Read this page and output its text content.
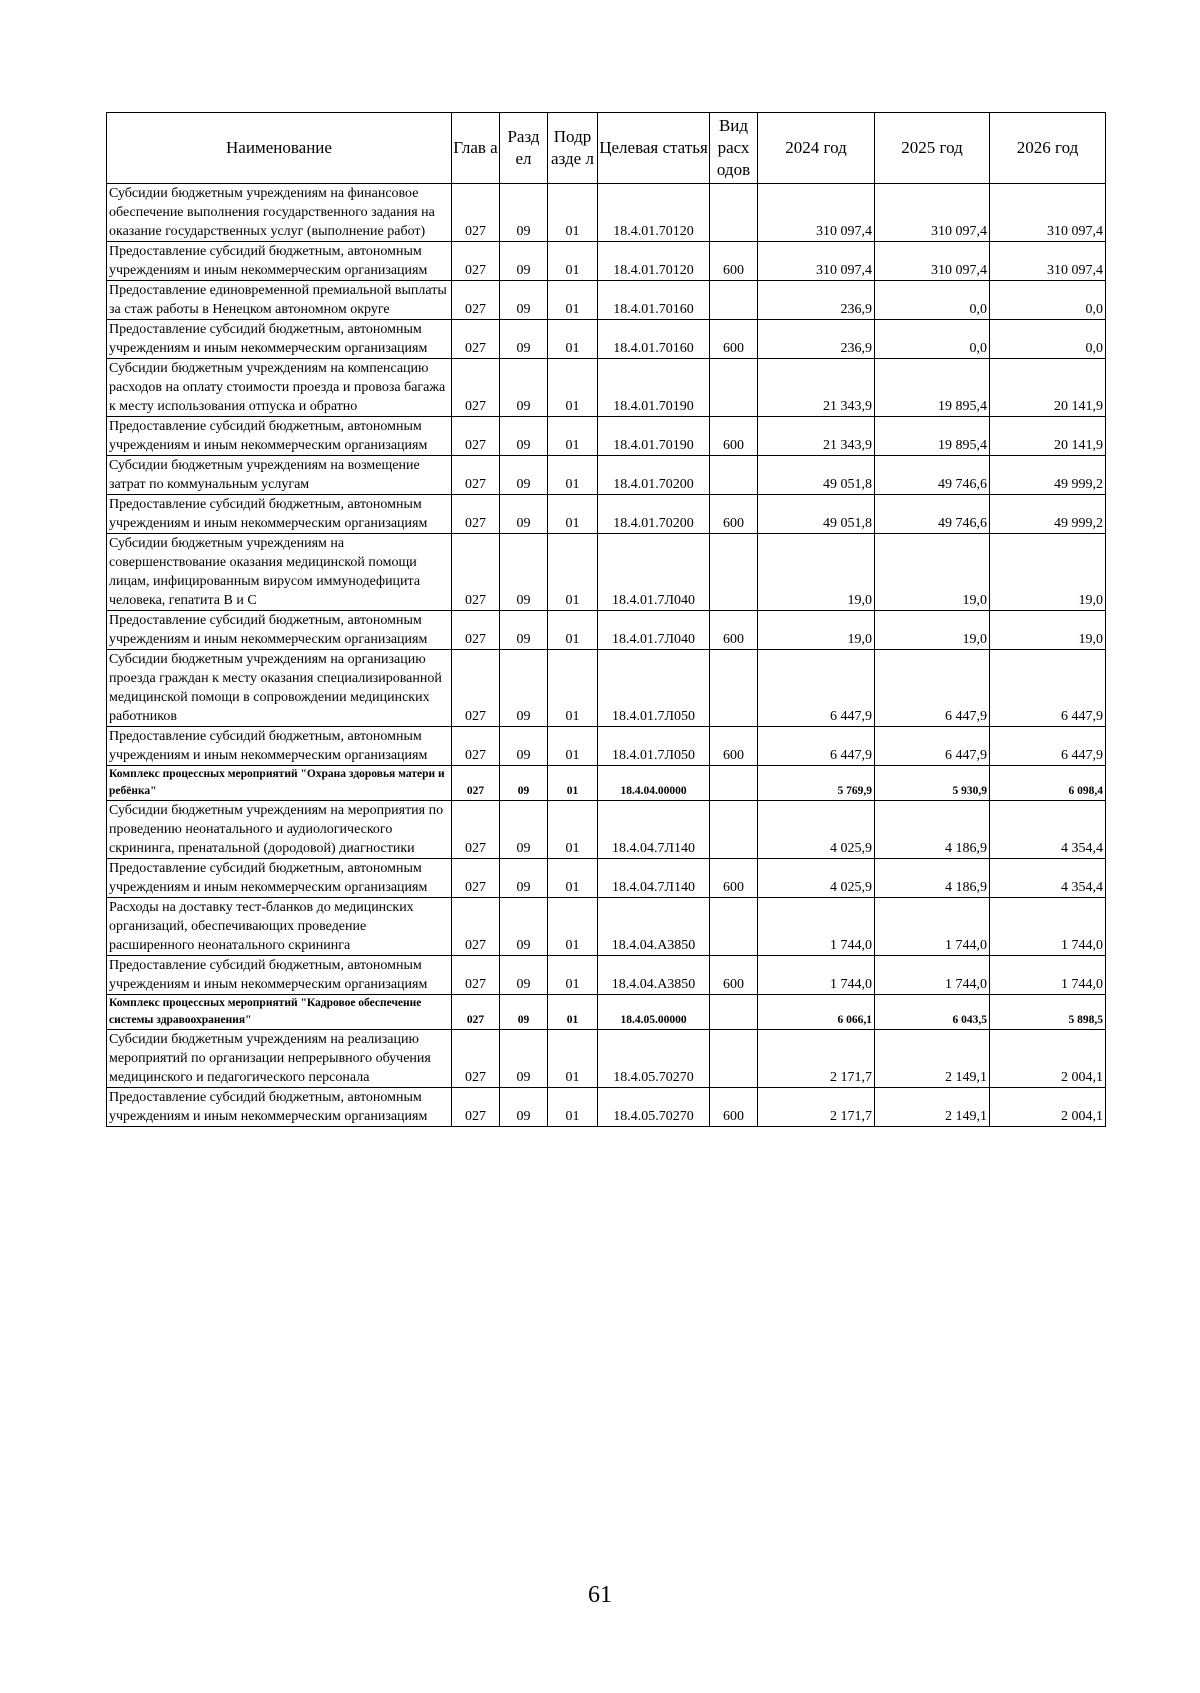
Наименование	Глав а	Разд ел	Подр азде л	Целевая статья	Вид расх одов	2024 год	2025 год	2026 год
Субсидии бюджетным учреждениям на финансовое обеспечение выполнения государственного задания на оказание государственных услуг (выполнение работ)	027	09	01	18.4.01.70120		310 097,4	310 097,4	310 097,4
Предоставление субсидий бюджетным, автономным учреждениям и иным некоммерческим организациям	027	09	01	18.4.01.70120	600	310 097,4	310 097,4	310 097,4
Предоставление единовременной премиальной выплаты за стаж работы в Ненецком автономном округе	027	09	01	18.4.01.70160		236,9	0,0	0,0
Предоставление субсидий бюджетным, автономным учреждениям и иным некоммерческим организациям	027	09	01	18.4.01.70160	600	236,9	0,0	0,0
Субсидии бюджетным учреждениям на компенсацию расходов на оплату стоимости проезда и провоза багажа к месту использования отпуска и обратно	027	09	01	18.4.01.70190		21 343,9	19 895,4	20 141,9
Предоставление субсидий бюджетным, автономным учреждениям и иным некоммерческим организациям	027	09	01	18.4.01.70190	600	21 343,9	19 895,4	20 141,9
Субсидии бюджетным учреждениям на возмещение затрат по коммунальным услугам	027	09	01	18.4.01.70200		49 051,8	49 746,6	49 999,2
Предоставление субсидий бюджетным, автономным учреждениям и иным некоммерческим организациям	027	09	01	18.4.01.70200	600	49 051,8	49 746,6	49 999,2
Субсидии бюджетным учреждениям на совершенствование оказания медицинской помощи лицам, инфицированным вирусом иммунодефицита человека, гепатита B и C	027	09	01	18.4.01.7Л040		19,0	19,0	19,0
Предоставление субсидий бюджетным, автономным учреждениям и иным некоммерческим организациям	027	09	01	18.4.01.7Л040	600	19,0	19,0	19,0
Субсидии бюджетным учреждениям на организацию проезда граждан к месту оказания специализированной медицинской помощи в сопровождении медицинских работников	027	09	01	18.4.01.7Л050		6 447,9	6 447,9	6 447,9
Предоставление субсидий бюджетным, автономным учреждениям и иным некоммерческим организациям	027	09	01	18.4.01.7Л050	600	6 447,9	6 447,9	6 447,9
Комплекс процессных мероприятий "Охрана здоровья матери и ребёнка"	027	09	01	18.4.04.00000		5 769,9	5 930,9	6 098,4
Субсидии бюджетным учреждениям на мероприятия по проведению неонатального и аудиологического скрининга, пренатальной (дородовой) диагностики	027	09	01	18.4.04.7Л140		4 025,9	4 186,9	4 354,4
Предоставление субсидий бюджетным, автономным учреждениям и иным некоммерческим организациям	027	09	01	18.4.04.7Л140	600	4 025,9	4 186,9	4 354,4
Расходы на доставку тест-бланков до медицинских организаций, обеспечивающих проведение расширенного неонатального скрининга	027	09	01	18.4.04.А3850		1 744,0	1 744,0	1 744,0
Предоставление субсидий бюджетным, автономным учреждениям и иным некоммерческим организациям	027	09	01	18.4.04.А3850	600	1 744,0	1 744,0	1 744,0
Комплекс процессных мероприятий "Кадровое обеспечение системы здравоохранения"	027	09	01	18.4.05.00000		6 066,1	6 043,5	5 898,5
Субсидии бюджетным учреждениям на реализацию мероприятий по организации непрерывного обучения медицинского и педагогического персонала	027	09	01	18.4.05.70270		2 171,7	2 149,1	2 004,1
Предоставление субсидий бюджетным, автономным учреждениям и иным некоммерческим организациям	027	09	01	18.4.05.70270	600	2 171,7	2 149,1	2 004,1
61
